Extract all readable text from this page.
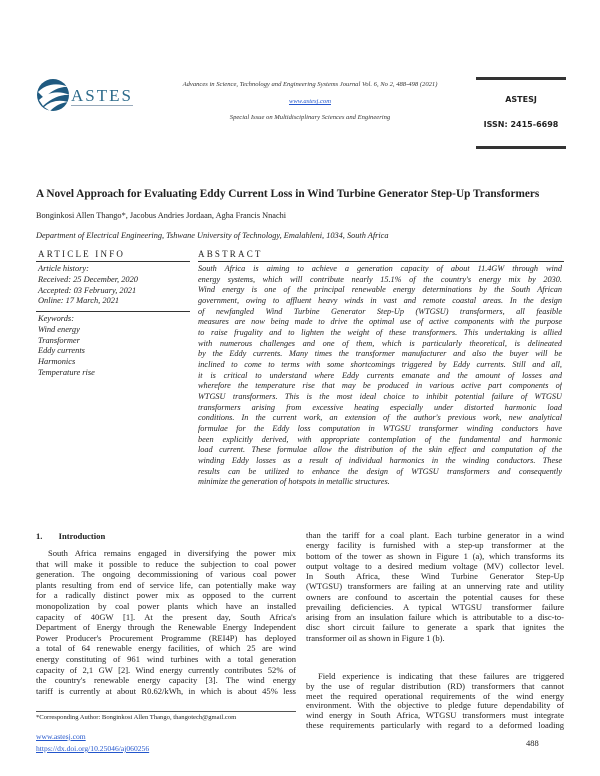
ASTES
Advances in Science, Technology and Engineering Systems Journal Vol. 6, No 2, 488-498 (2021)
www.astesj.com
Special Issue on Multidisciplinary Sciences and Engineering
ASTESJ
ISSN: 2415-6698
A Novel Approach for Evaluating Eddy Current Loss in Wind Turbine Generator Step-Up Transformers
Bonginkosi Allen Thango*, Jacobus Andries Jordaan, Agha Francis Nnachi
Department of Electrical Engineering, Tshwane University of Technology, Emalahleni, 1034, South Africa
ARTICLE INFO
Article history:
Received: 25 December, 2020
Accepted: 03 February, 2021
Online: 17 March, 2021
Keywords:
Wind energy
Transformer
Eddy currents
Harmonics
Temperature rise
ABSTRACT
South Africa is aiming to achieve a generation capacity of about 11.4GW through wind
energy systems, which will contribute nearly 15.1% of the country's energy mix by 2030.
Wind energy is one of the principal renewable energy determinations by the South African
government, owing to affluent heavy winds in vast and remote coastal areas. In the design
of newfangled Wind Turbine Generator Step-Up (WTGSU) transformers, all feasible
measures are now being made to drive the optimal use of active components with the purpose
to raise frugality and to lighten the weight of these transformers. This undertaking is allied
with numerous challenges and one of them, which is particularly theoretical, is delineated
by the Eddy currents. Many times the transformer manufacturer and also the buyer will be
inclined to come to terms with some shortcomings triggered by Eddy currents. Still and all,
it is critical to understand where Eddy currents emanate and the amount of losses and
wherefore the temperature rise that may be produced in various active part components of
WTGSU transformers. This is the most ideal choice to inhibit potential failure of WTGSU
transformers arising from excessive heating especially under distorted harmonic load
conditions. In the current work, an extension of the author's previous work, new analytical
formulae for the Eddy loss computation in WTGSU transformer winding conductors have
been explicitly derived, with appropriate contemplation of the fundamental and harmonic
load current. These formulae allow the distribution of the skin effect and computation of the
winding Eddy losses as a result of individual harmonics in the winding conductors. These
results can be utilized to enhance the design of WTGSU transformers and consequently
minimize the generation of hotspots in metallic structures.
1. Introduction
South Africa remains engaged in diversifying the power mix
that will make it possible to reduce the subjection to coal power
generation. The ongoing decommissioning of various coal power
plants resulting from end of service life, can potentially make way
for a radically distinct power mix as opposed to the current
monopolization by coal power plants which have an installed
capacity of 40GW [1]. At the present day, South Africa's
Department of Energy through the Renewable Energy Independent
Power Producer's Procurement Programme (REI4P) has deployed
a total of 64 renewable energy facilities, of which 25 are wind
energy constituting of 961 wind turbines with a total generation
capacity of 2,1 GW [2]. Wind energy currently contributes 52% of
the country's renewable energy capacity [3]. The wind energy
tariff is currently at about R0.62/kWh, in which is about 45% less
than the tariff for a coal plant. Each turbine generator in a wind
energy facility is furnished with a step-up transformer at the
bottom of the tower as shown in Figure 1 (a), which transforms its
output voltage to a desired medium voltage (MV) collector level.
In South Africa, these Wind Turbine Generator Step-Up
(WTGSU) transformers are failing at an unnerving rate and utility
owners are confound to ascertain the potential causes for these
prevailing deficiencies. A typical WTGSU transformer failure
arising from an insulation failure which is attributable to a disc-to-
disc short circuit failure to generate a spark that ignites the
transformer oil as shown in Figure 1 (b).
Field experience is indicating that these failures are triggered
by the use of regular distribution (RD) transformers that cannot
meet the required operational requirements of the wind energy
environment. With the objective to pledge future dependability of
wind energy in South Africa, WTGSU transformers must integrate
these requirements particularly with regard to a deformed loading
*Corresponding Author: Bonginkosi Allen Thango, thangotech@gmail.com
www.astesj.com
https://dx.doi.org/10.25046/aj060256
488
